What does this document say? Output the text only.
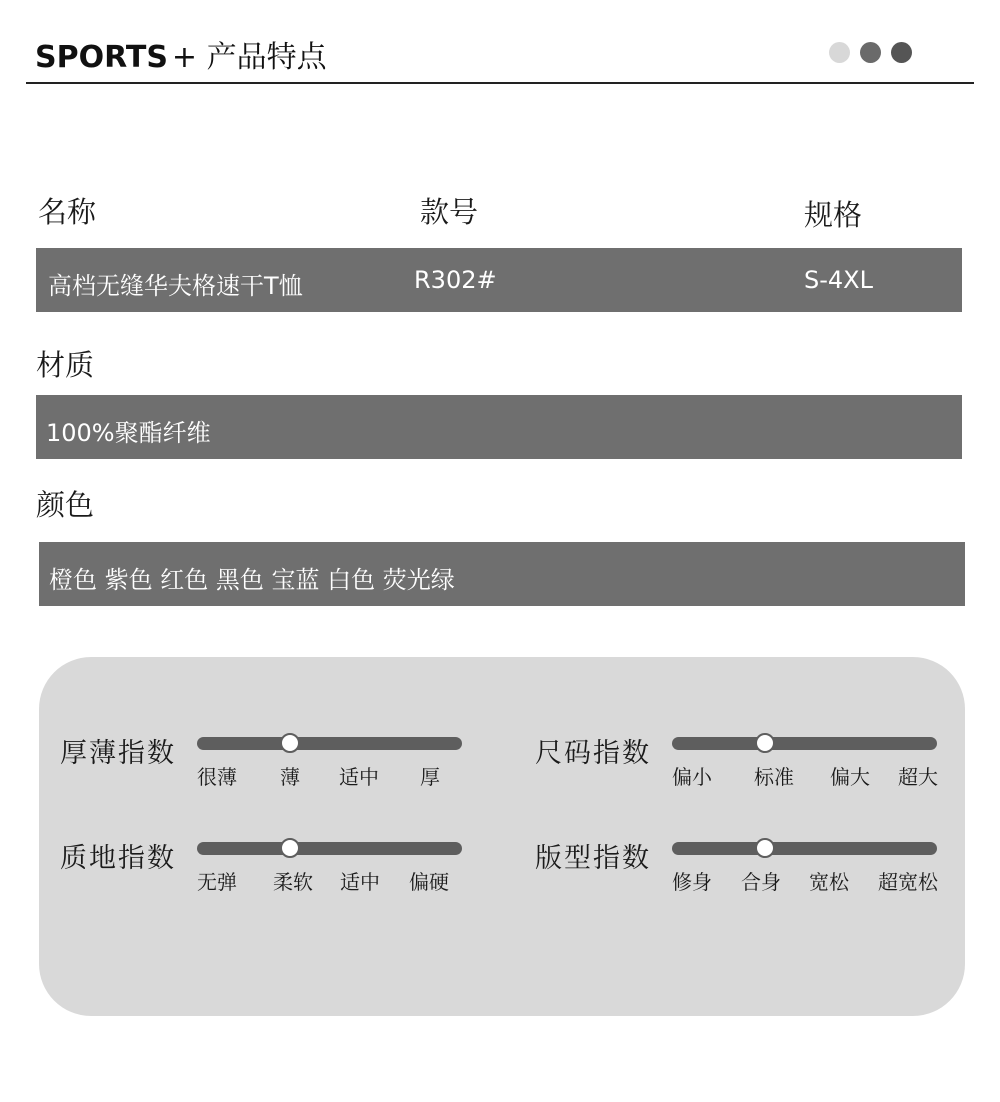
SPORTS + 产品特点
名称	款号	规格
高档无缝华夫格速干T恤	R302#	S-4XL
材质
100%聚酯纤维
颜色
橙色 紫色 红色 黑色 宝蓝 白色 荧光绿
厚薄指数
很薄 薄 适中 厚
尺码指数
偏小 标准 偏大 超大
质地指数
无弹 柔软 适中 偏硬
版型指数
修身 合身 宽松 超宽松
